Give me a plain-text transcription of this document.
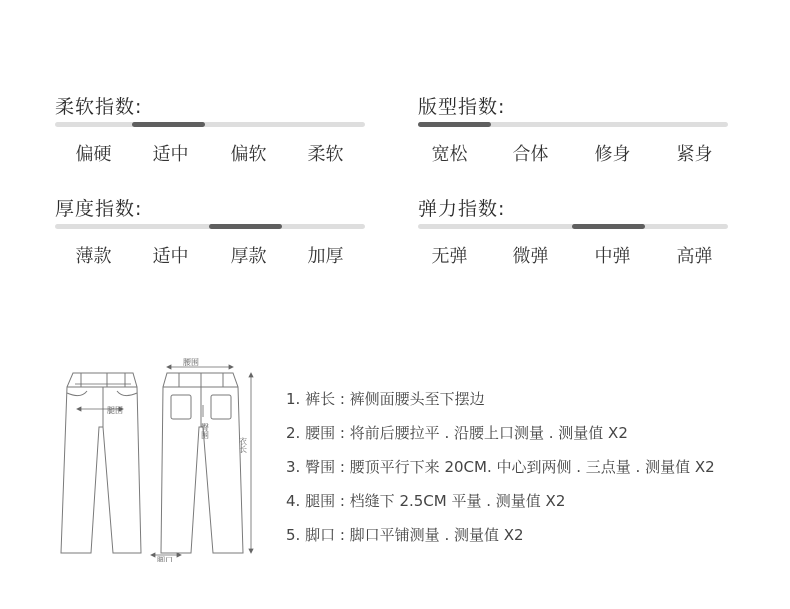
柔软指数:
偏硬	适中	偏软	柔软
版型指数:
宽松	合体	修身	紧身
厚度指数:
薄款	适中	厚款	加厚
弹力指数:
无弹	微弹	中弹	高弹
腰围
腿围
臀围
衣长
脚口
1. 裤长 : 裤侧面腰头至下摆边
2. 腰围 : 将前后腰拉平 . 沿腰上口测量 . 测量值 X2
3. 臀围 : 腰顶平行下来 20CM. 中心到两侧 . 三点量 . 测量值 X2
4. 腿围 : 档缝下 2.5CM 平量 . 测量值 X2
5. 脚口 : 脚口平铺测量 . 测量值 X2
